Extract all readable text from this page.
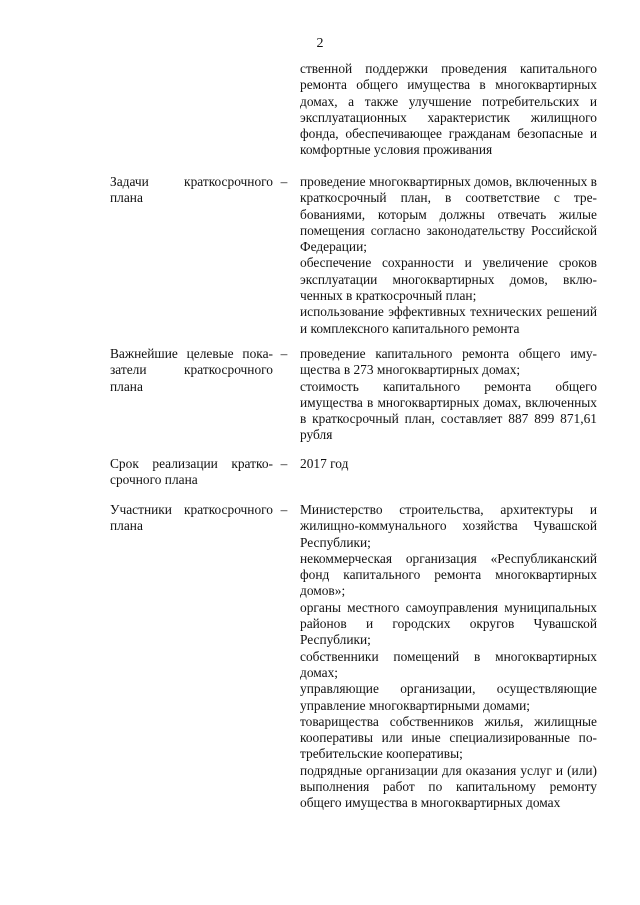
2

ственной поддержки проведения капитального ремонта общего имущества в многоквартирных домах, а также улучшение потребительских и эксплуатационных характеристик жилищного фонда, обеспечивающее гражданам безопасные и комфортные условия проживания

Задачи краткосрочного плана
– проведение многоквартирных домов, включенных в краткосрочный план, в соответствие с требованиями, которым должны отвечать жилые помещения согласно законодательству Российской Федерации;

обеспечение сохранности и увеличение сроков эксплуатации многоквартирных домов, включенных в краткосрочный план;

использование эффективных технических решений и комплексного капитального ремонта

Важнейшие целевые показатели краткосрочного плана
– проведение капитального ремонта общего имущества в 273 многоквартирных домах;

стоимость капитального ремонта общего имущества в многоквартирных домах, включенных в краткосрочный план, составляет 887 899 871,61 рубля

Срок реализации краткосрочного плана
– 2017 год

Участники краткосрочного плана
– Министерство строительства, архитектуры и жилищно-коммунального хозяйства Чувашской Республики;

некоммерческая организация «Республиканский фонд капитального ремонта многоквартирных домов»;

органы местного самоуправления муниципальных районов и городских округов Чувашской Республики;

собственники помещений в многоквартирных домах;

управляющие организации, осуществляющие управление многоквартирными домами;

товарищества собственников жилья, жилищные кооперативы или иные специализированные потребительские кооперативы;

подрядные организации для оказания услуг и (или) выполнения работ по капитальному ремонту общего имущества в многоквартирных домах
